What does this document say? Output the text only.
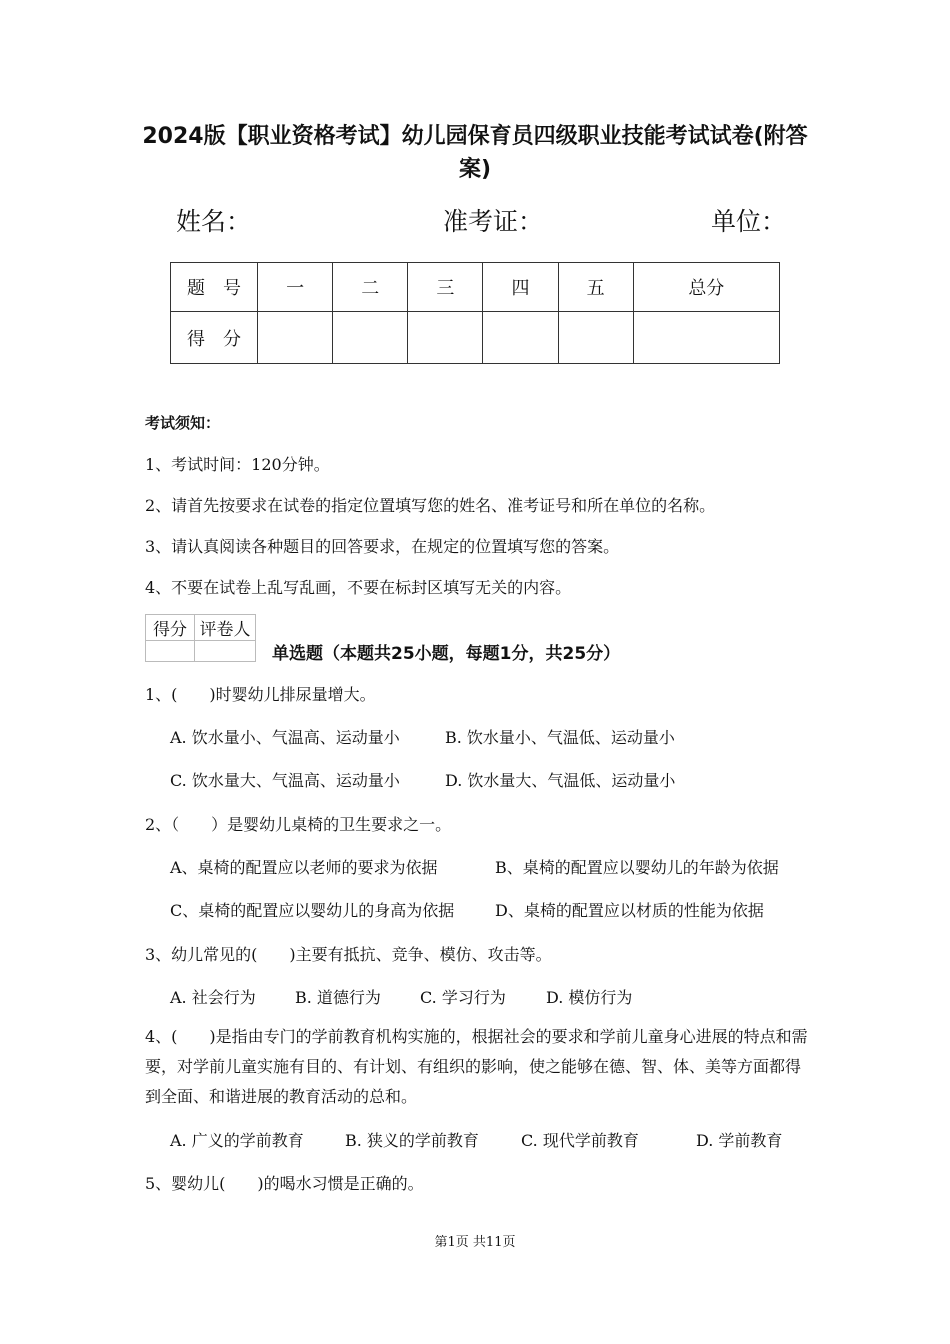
2024版【职业资格考试】幼儿园保育员四级职业技能考试试卷(附答案)
姓名：	准考证：	单位：
题　号	一	二	三	四	五	总分
得　分						
考试须知：
1、考试时间：120分钟。
2、请首先按要求在试卷的指定位置填写您的姓名、准考证号和所在单位的名称。
3、请认真阅读各种题目的回答要求，在规定的位置填写您的答案。
4、不要在试卷上乱写乱画，不要在标封区填写无关的内容。
得分	评卷人

单选题（本题共25小题，每题1分，共25分）
1、(　　)时婴幼儿排尿量增大。
A. 饮水量小、气温高、运动量小	B. 饮水量小、气温低、运动量小
C. 饮水量大、气温高、运动量小	D. 饮水量大、气温低、运动量小
2、（　　）是婴幼儿桌椅的卫生要求之一。
A、桌椅的配置应以老师的要求为依据	B、桌椅的配置应以婴幼儿的年龄为依据
C、桌椅的配置应以婴幼儿的身高为依据	D、桌椅的配置应以材质的性能为依据
3、幼儿常见的(　　)主要有抵抗、竞争、模仿、攻击等。
A. 社会行为 B. 道德行为 C. 学习行为	D. 模仿行为
4、(　　)是指由专门的学前教育机构实施的，根据社会的要求和学前儿童身心进展的特点和需要，对学前儿童实施有目的、有计划、有组织的影响，使之能够在德、智、体、美等方面都得到全面、和谐进展的教育活动的总和。
A. 广义的学前教育	B. 狭义的学前教育	C. 现代学前教育	D. 学前教育
5、婴幼儿(　　)的喝水习惯是正确的。
第1页 共11页
